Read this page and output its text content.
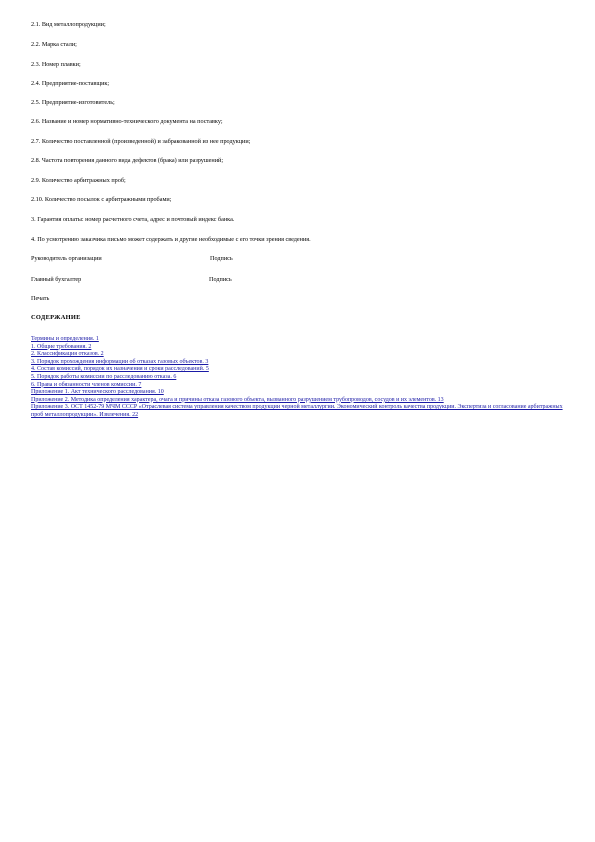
2.1. Вид металлопродукции;
2.2. Марка стали;
2.3. Номер плавки;
2.4. Предприятие-поставщик;
2.5. Предприятие-изготовитель;
2.6. Название и номер нормативно-технического документа на поставку;
2.7. Количество поставленной (произведенной) и забракованной из нее продукции;
2.8. Частота повторения данного вида дефектов (брака) или разрушений;
2.9. Количество арбитражных проб;
2.10. Количество посылок с арбитражными пробами;
3. Гарантия оплаты: номер расчетного счета, адрес и почтовый индекс банка.
4. По усмотрению заказчика письмо может содержать и другие необходимые с его точки зрения сведения.
Руководитель организации	Подпись
Главный бухгалтер	Подпись
Печать
СОДЕРЖАНИЕ
Термины и определения. 1
1. Общие требования. 2
2. Классификация отказов. 2
3. Порядок прохождения информации об отказах газовых объектов. 3
4. Состав комиссий, порядок их назначения и сроки расследований. 5
5. Порядок работы комиссии по расследованию отказа. 6
6. Права и обязанности членов комиссии. 7
Приложение 1. Акт технического расследования. 10
Приложение 2. Методика определения характера, очага и причины отказа газового объекта, вызванного разрушением трубопроводов, сосудов и их элементов. 13
Приложение 3. ОСТ 1452-79 МЧМ СССР «Отраслевая система управления качеством продукции черной металлургии. Экономический контроль качества продукции. Экспертиза и согласование арбитражных проб металлопродукции». Извлечения. 22
